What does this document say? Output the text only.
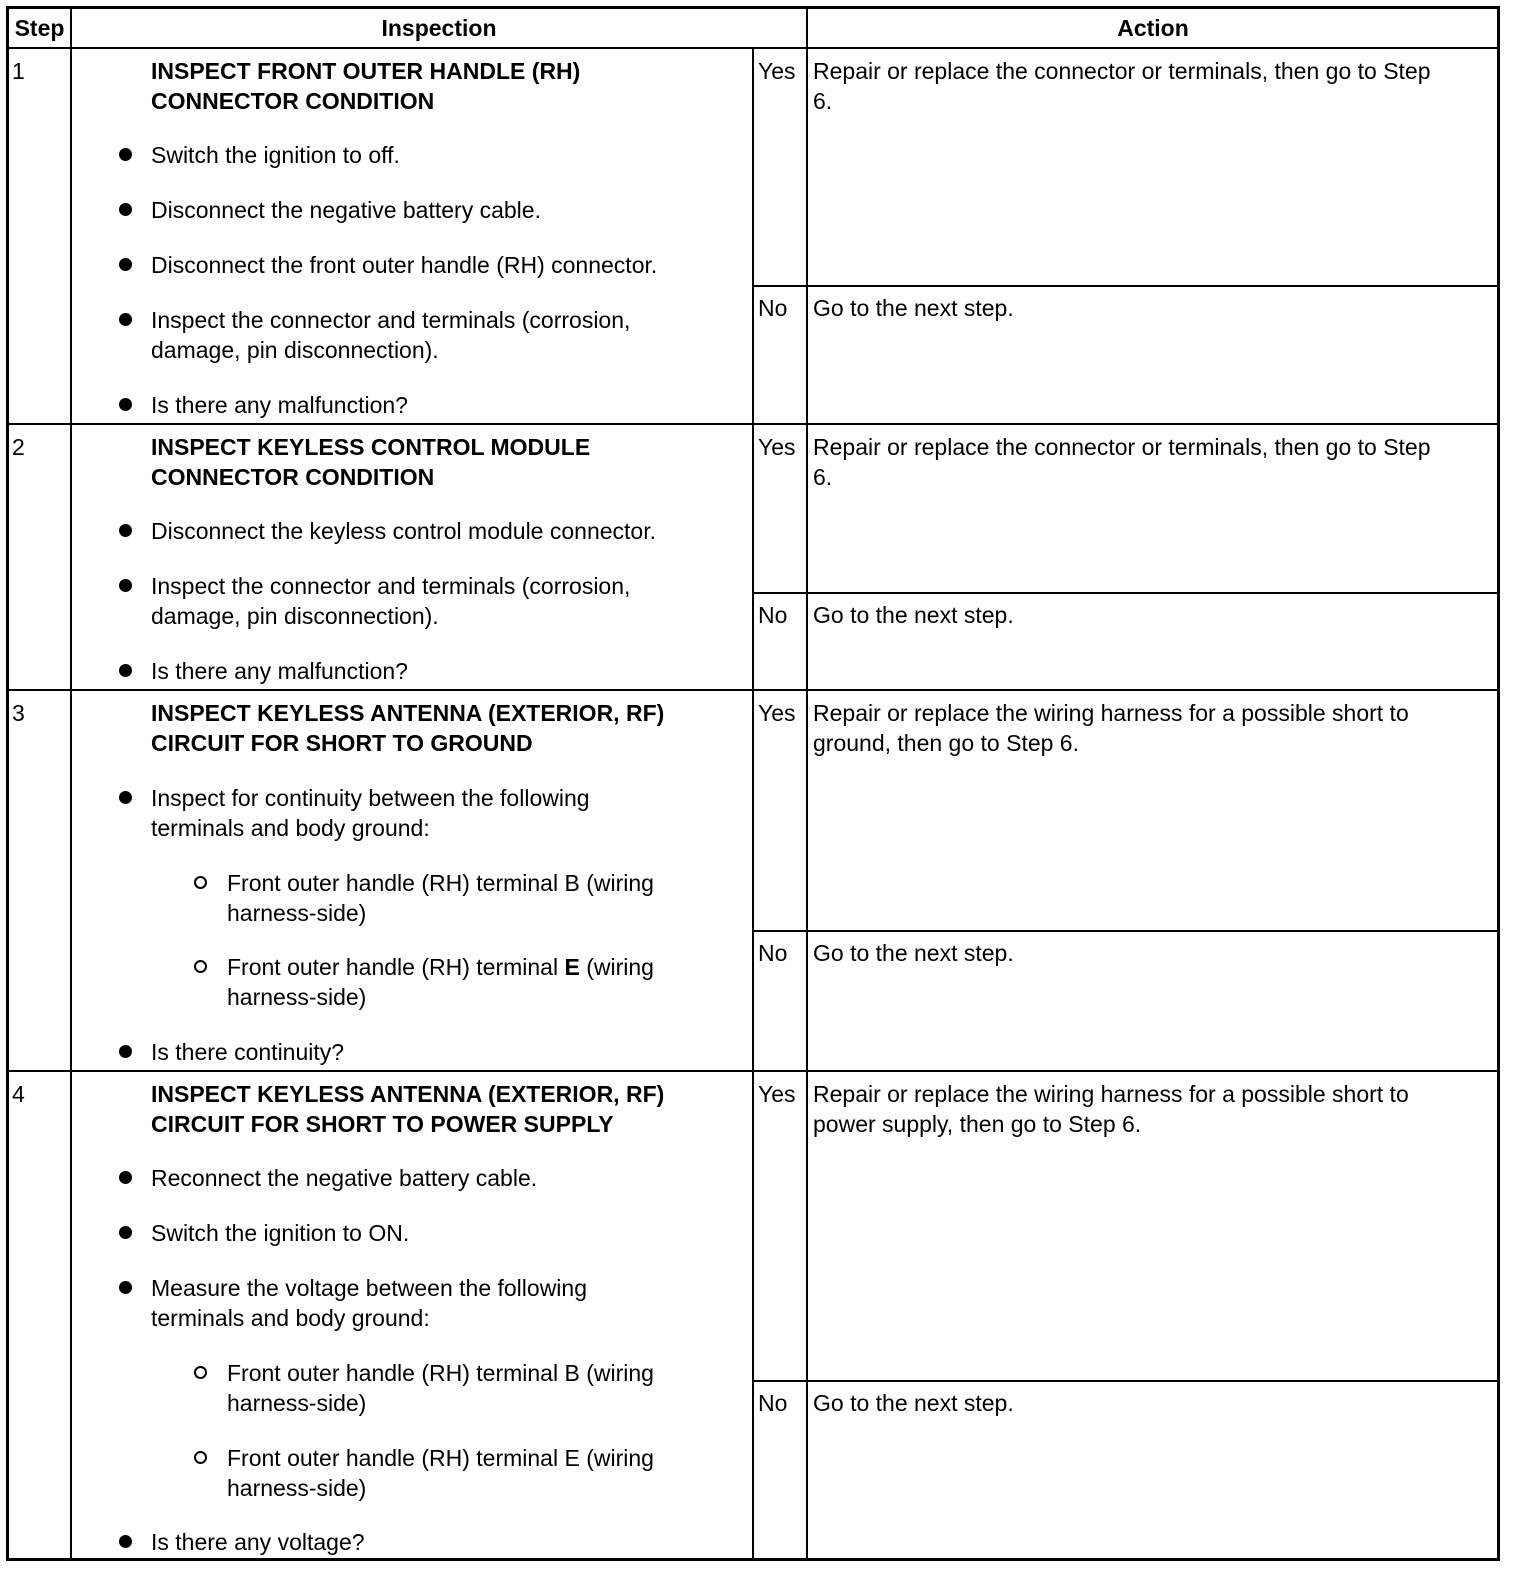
Step	Inspection	Action
1	INSPECT FRONT OUTER HANDLE (RH)
CONNECTOR CONDITION
Switch the ignition to off.
Disconnect the negative battery cable.
Disconnect the front outer handle (RH) connector.
Inspect the connector and terminals (corrosion,
damage, pin disconnection).
Is there any malfunction?
Yes Repair or replace the connector or terminals, then go to Step
6.
No Go to the next step.
2	INSPECT KEYLESS CONTROL MODULE
CONNECTOR CONDITION
Disconnect the keyless control module connector.
Inspect the connector and terminals (corrosion,
damage, pin disconnection).
Is there any malfunction?
Yes Repair or replace the connector or terminals, then go to Step
6.
No Go to the next step.
3	INSPECT KEYLESS ANTENNA (EXTERIOR, RF)
CIRCUIT FOR SHORT TO GROUND
Inspect for continuity between the following
terminals and body ground:
Front outer handle (RH) terminal B (wiring
harness-side)
Front outer handle (RH) terminal E (wiring
harness-side)
Is there continuity?
Yes Repair or replace the wiring harness for a possible short to
ground, then go to Step 6.
No Go to the next step.
4	INSPECT KEYLESS ANTENNA (EXTERIOR, RF)
CIRCUIT FOR SHORT TO POWER SUPPLY
Reconnect the negative battery cable.
Switch the ignition to ON.
Measure the voltage between the following
terminals and body ground:
Front outer handle (RH) terminal B (wiring
harness-side)
Front outer handle (RH) terminal E (wiring
harness-side)
Is there any voltage?
Yes Repair or replace the wiring harness for a possible short to
power supply, then go to Step 6.
No Go to the next step.
